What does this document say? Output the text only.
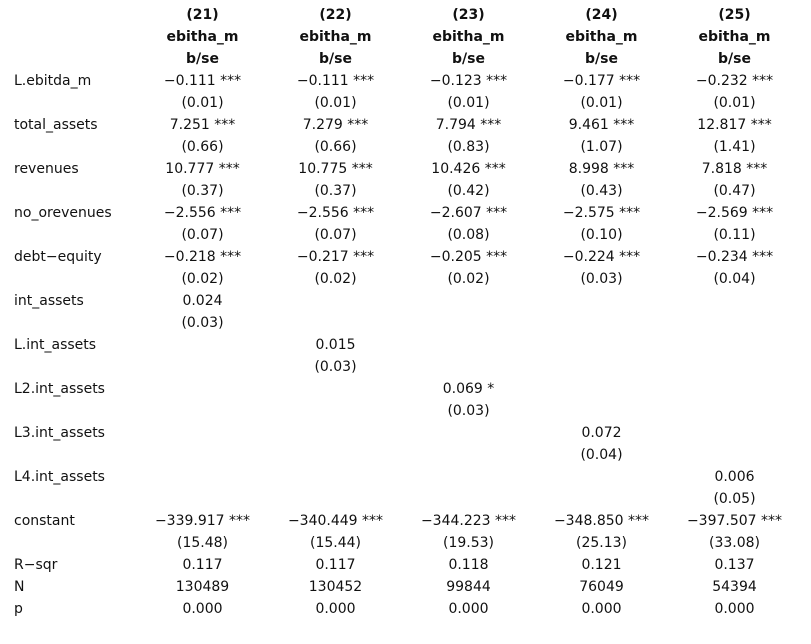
	(21)	(22)	(23)	(24)	(25)
	ebitha_m	ebitha_m	ebitha_m	ebitha_m	ebitha_m
	b/se	b/se	b/se	b/se	b/se
L.ebitda_m	−0.111 ***	−0.111 ***	−0.123 ***	−0.177 ***	−0.232 ***
	(0.01)	(0.01)	(0.01)	(0.01)	(0.01)
total_assets	7.251 ***	7.279 ***	7.794 ***	9.461 ***	12.817 ***
	(0.66)	(0.66)	(0.83)	(1.07)	(1.41)
revenues	10.777 ***	10.775 ***	10.426 ***	8.998 ***	7.818 ***
	(0.37)	(0.37)	(0.42)	(0.43)	(0.47)
no_orevenues	−2.556 ***	−2.556 ***	−2.607 ***	−2.575 ***	−2.569 ***
	(0.07)	(0.07)	(0.08)	(0.10)	(0.11)
debt−equity	−0.218 ***	−0.217 ***	−0.205 ***	−0.224 ***	−0.234 ***
	(0.02)	(0.02)	(0.02)	(0.03)	(0.04)
int_assets	0.024				
	(0.03)				
L.int_assets		0.015			
		(0.03)			
L2.int_assets			0.069 *		
			(0.03)		
L3.int_assets				0.072	
				(0.04)	
L4.int_assets					0.006
					(0.05)
constant	−339.917 ***	−340.449 ***	−344.223 ***	−348.850 ***	−397.507 ***
	(15.48)	(15.44)	(19.53)	(25.13)	(33.08)
R−sqr	0.117	0.117	0.118	0.121	0.137
N	130489	130452	99844	76049	54394
p	0.000	0.000	0.000	0.000	0.000
